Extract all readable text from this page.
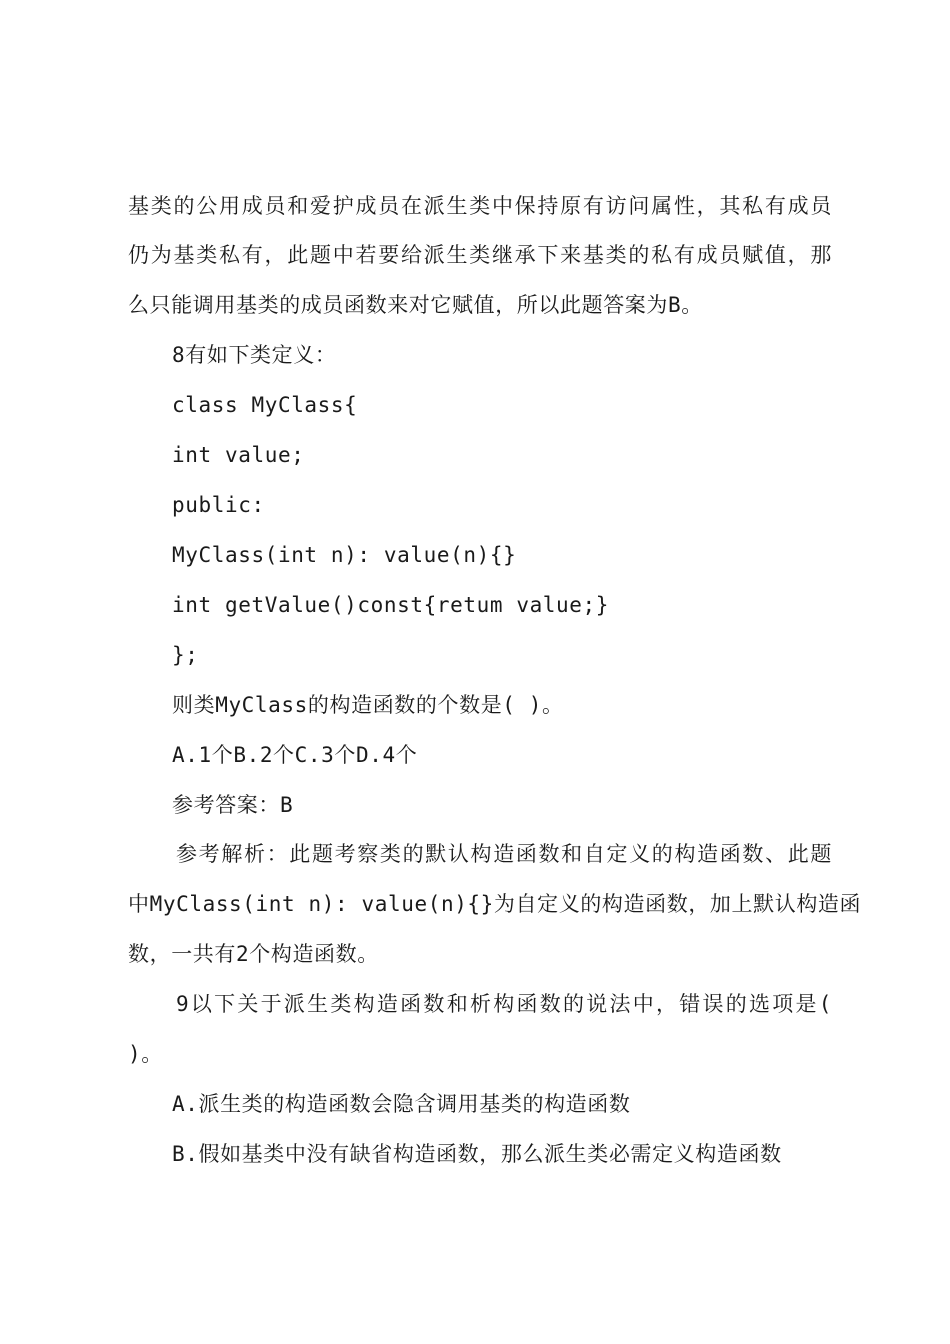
基类的公用成员和爱护成员在派生类中保持原有访问属性，其私有成员
仍为基类私有，此题中若要给派生类继承下来基类的私有成员赋值，那
么只能调用基类的成员函数来对它赋值，所以此题答案为B。
8有如下类定义：
class MyClass{
int value;
public:
MyClass(int n): value(n){}
int getValue()const{retum value;}
};
则类MyClass的构造函数的个数是( )。
A.1个B.2个C.3个D.4个
参考答案：B
参考解析：此题考察类的默认构造函数和自定义的构造函数、此题
中MyClass(int n): value(n){}为自定义的构造函数，加上默认构造函
数，一共有2个构造函数。
9以下关于派生类构造函数和析构函数的说法中，错误的选项是(
)。
A.派生类的构造函数会隐含调用基类的构造函数
B.假如基类中没有缺省构造函数，那么派生类必需定义构造函数
